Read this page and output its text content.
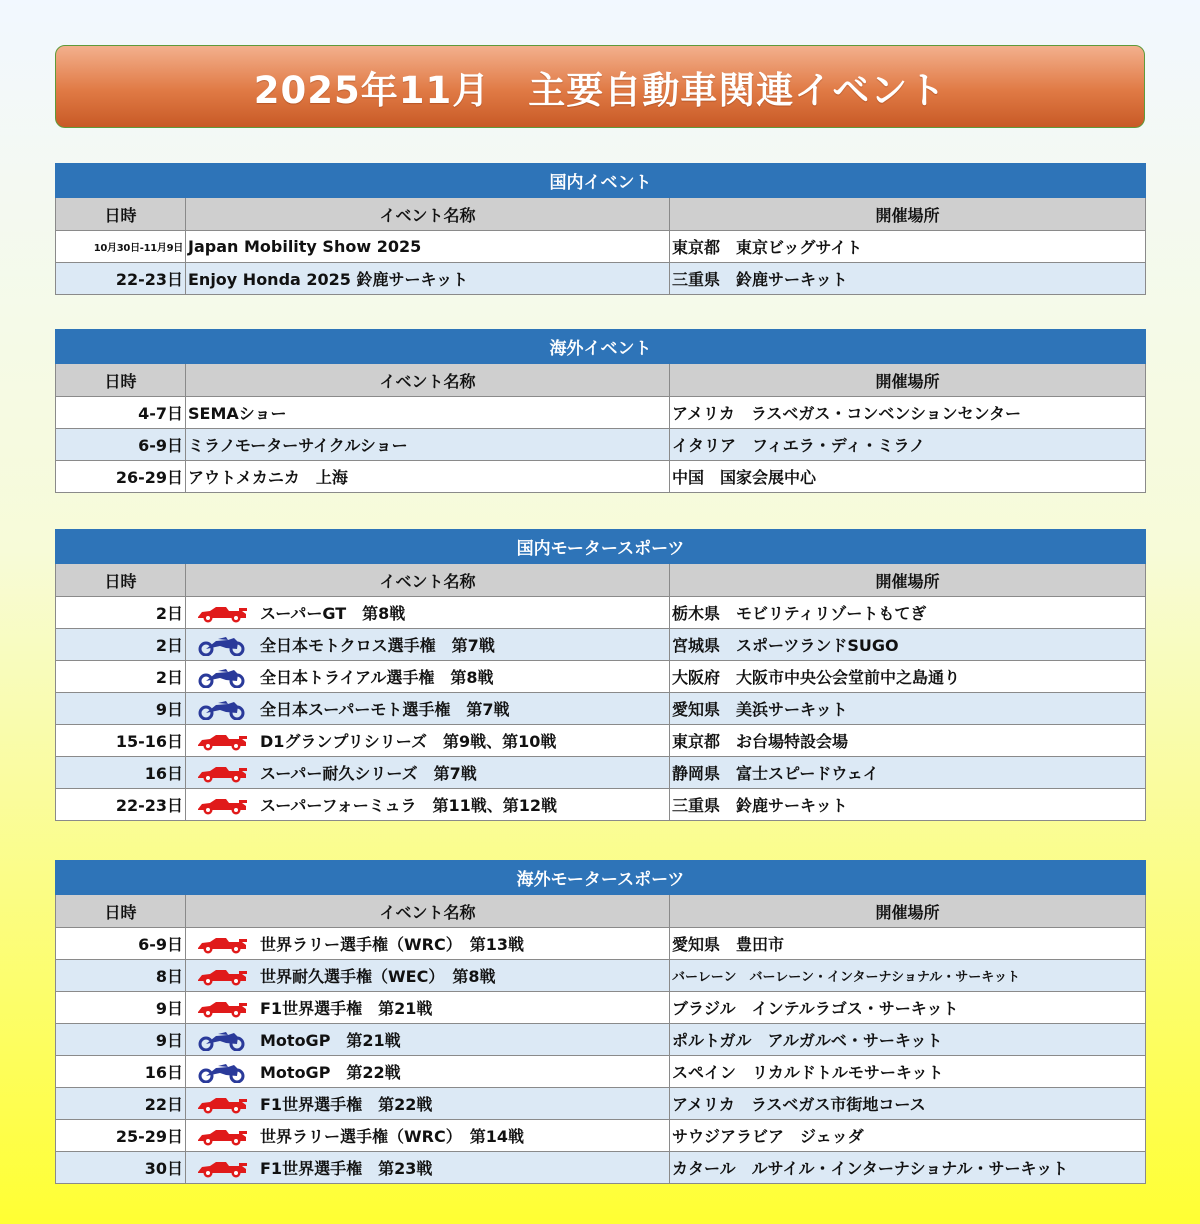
2025年11月　主要自動車関連イベント
国内イベント		
日時	イベント名称	開催場所
10月30日-11月9日	Japan Mobility Show 2025	東京都　東京ビッグサイト
22-23日	Enjoy Honda 2025 鈴鹿サーキット	三重県　鈴鹿サーキット
海外イベント		
日時	イベント名称	開催場所
4-7日	SEMAショー	アメリカ　ラスベガス・コンベンションセンター
6-9日	ミラノモーターサイクルショー	イタリア　フィエラ・ディ・ミラノ
26-29日	アウトメカニカ　上海	中国　国家会展中心
国内モータースポーツ		
日時	イベント名称	開催場所
2日	スーパーGT　第8戦	栃木県　モビリティリゾートもてぎ
2日	全日本モトクロス選手権　第7戦	宮城県　スポーツランドSUGO
2日	全日本トライアル選手権　第8戦	大阪府　大阪市中央公会堂前中之島通り
9日	全日本スーパーモト選手権　第7戦	愛知県　美浜サーキット
15-16日	D1グランプリシリーズ　第9戦、第10戦	東京都　お台場特設会場
16日	スーパー耐久シリーズ　第7戦	静岡県　富士スピードウェイ
22-23日	スーパーフォーミュラ　第11戦、第12戦	三重県　鈴鹿サーキット
海外モータースポーツ		
日時	イベント名称	開催場所
6-9日	世界ラリー選手権（WRC）　第13戦	愛知県　豊田市
8日	世界耐久選手権（WEC）　第8戦	バーレーン　バーレーン・インターナショナル・サーキット
9日	F1世界選手権　第21戦	ブラジル　インテルラゴス・サーキット
9日	MotoGP　第21戦	ポルトガル　アルガルベ・サーキット
16日	MotoGP　第22戦	スペイン　リカルドトルモサーキット
22日	F1世界選手権　第22戦	アメリカ　ラスベガス市街地コース
25-29日	世界ラリー選手権（WRC）　第14戦	サウジアラビア　ジェッダ
30日	F1世界選手権　第23戦	カタール　ルサイル・インターナショナル・サーキット
